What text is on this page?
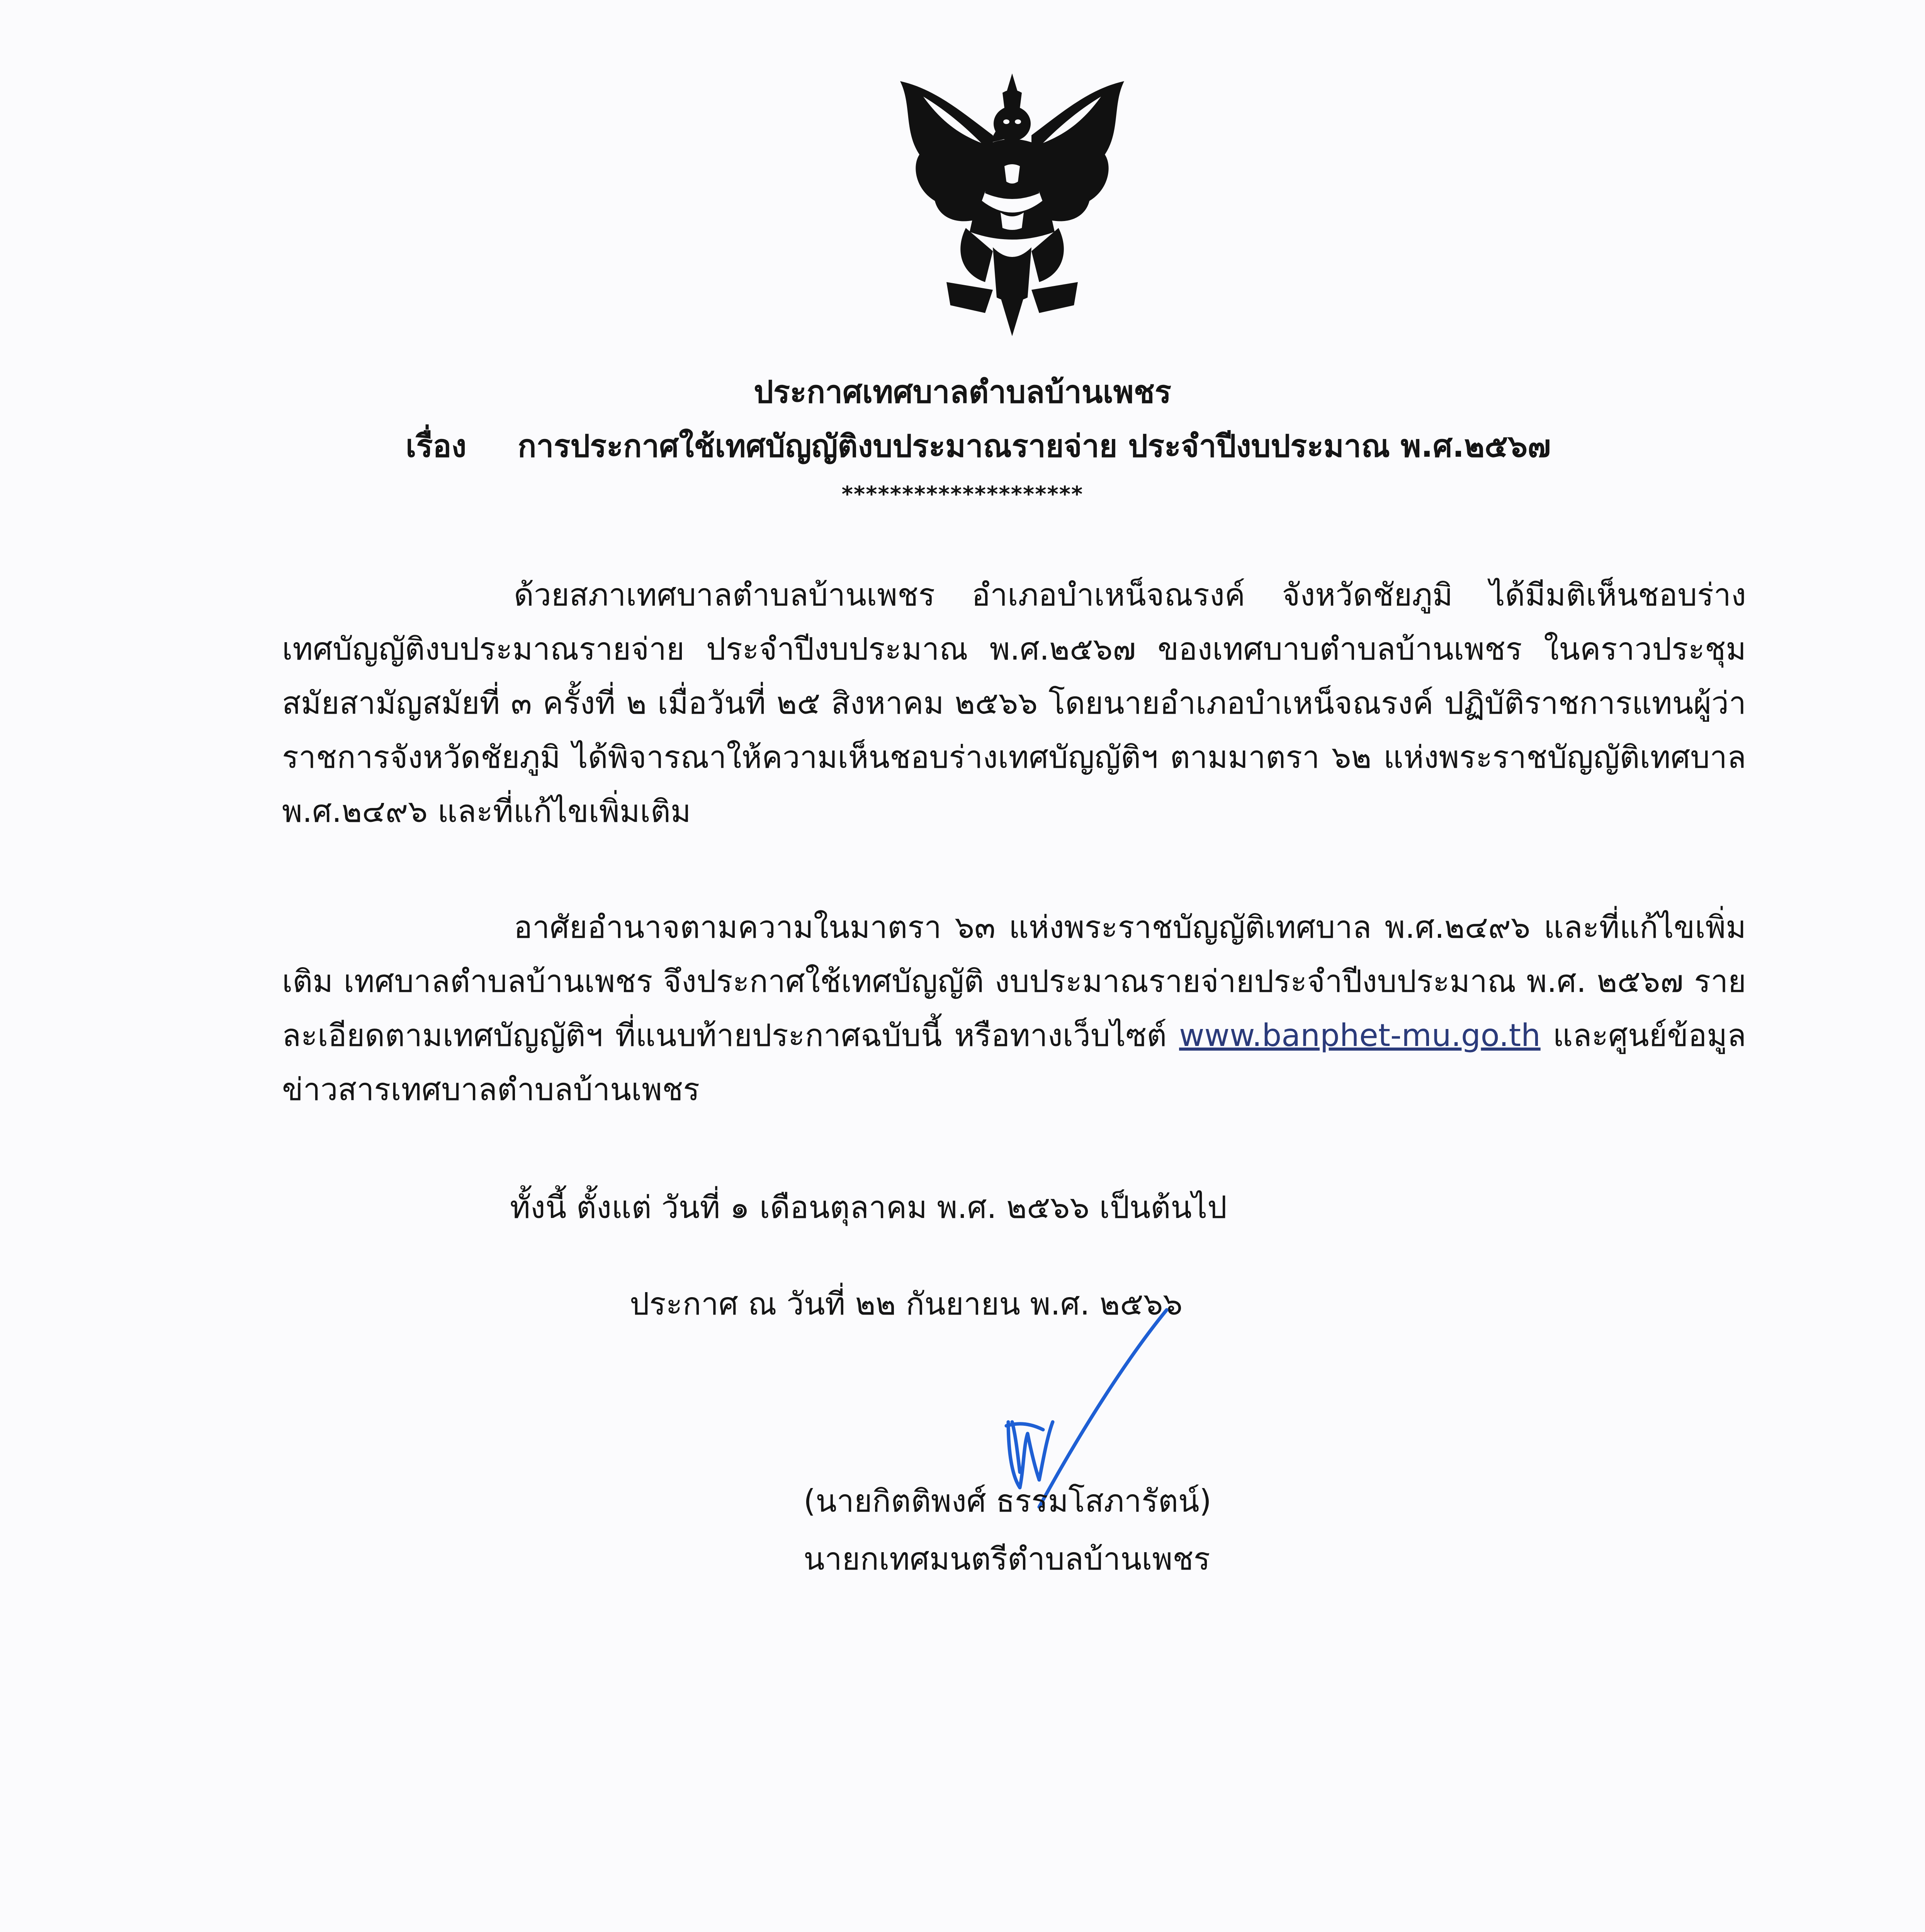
ประกาศเทศบาลตำบลบ้านเพชร
เรื่อง การประกาศใช้เทศบัญญัติงบประมาณรายจ่าย ประจำปีงบประมาณ พ.ศ.๒๕๖๗
********************
ด้วยสภาเทศบาลตำบลบ้านเพชร อำเภอบำเหน็จณรงค์ จังหวัดชัยภูมิ ได้มีมติเห็นชอบร่างเทศบัญญัติงบประมาณรายจ่าย ประจำปีงบประมาณ พ.ศ.๒๕๖๗ ของเทศบาบตำบลบ้านเพชร ในคราวประชุม สมัยสามัญสมัยที่ ๓ ครั้งที่ ๒ เมื่อวันที่ ๒๕ สิงหาคม ๒๕๖๖ โดยนายอำเภอบำเหน็จณรงค์ ปฏิบัติราชการแทนผู้ว่าราชการจังหวัดชัยภูมิ ได้พิจารณาให้ความเห็นชอบร่างเทศบัญญัติฯ ตามมาตรา ๖๒ แห่งพระราชบัญญัติเทศบาล พ.ศ.๒๔๙๖ และที่แก้ไขเพิ่มเติม
อาศัยอำนาจตามความในมาตรา ๖๓ แห่งพระราชบัญญัติเทศบาล พ.ศ.๒๔๙๖ และที่แก้ไขเพิ่มเติม เทศบาลตำบลบ้านเพชร จึงประกาศใช้เทศบัญญัติ งบประมาณรายจ่ายประจำปีงบประมาณ พ.ศ. ๒๕๖๗ รายละเอียดตามเทศบัญญัติฯ ที่แนบท้ายประกาศฉบับนี้ หรือทางเว็บไซต์ www.banphet-mu.go.th และศูนย์ข้อมูลข่าวสารเทศบาลตำบลบ้านเพชร
ทั้งนี้ ตั้งแต่ วันที่ ๑ เดือนตุลาคม พ.ศ. ๒๕๖๖ เป็นต้นไป
ประกาศ ณ วันที่ ๒๒ กันยายน พ.ศ. ๒๕๖๖
(นายกิตติพงศ์ ธรรมโสภารัตน์)
นายกเทศมนตรีตำบลบ้านเพชร
